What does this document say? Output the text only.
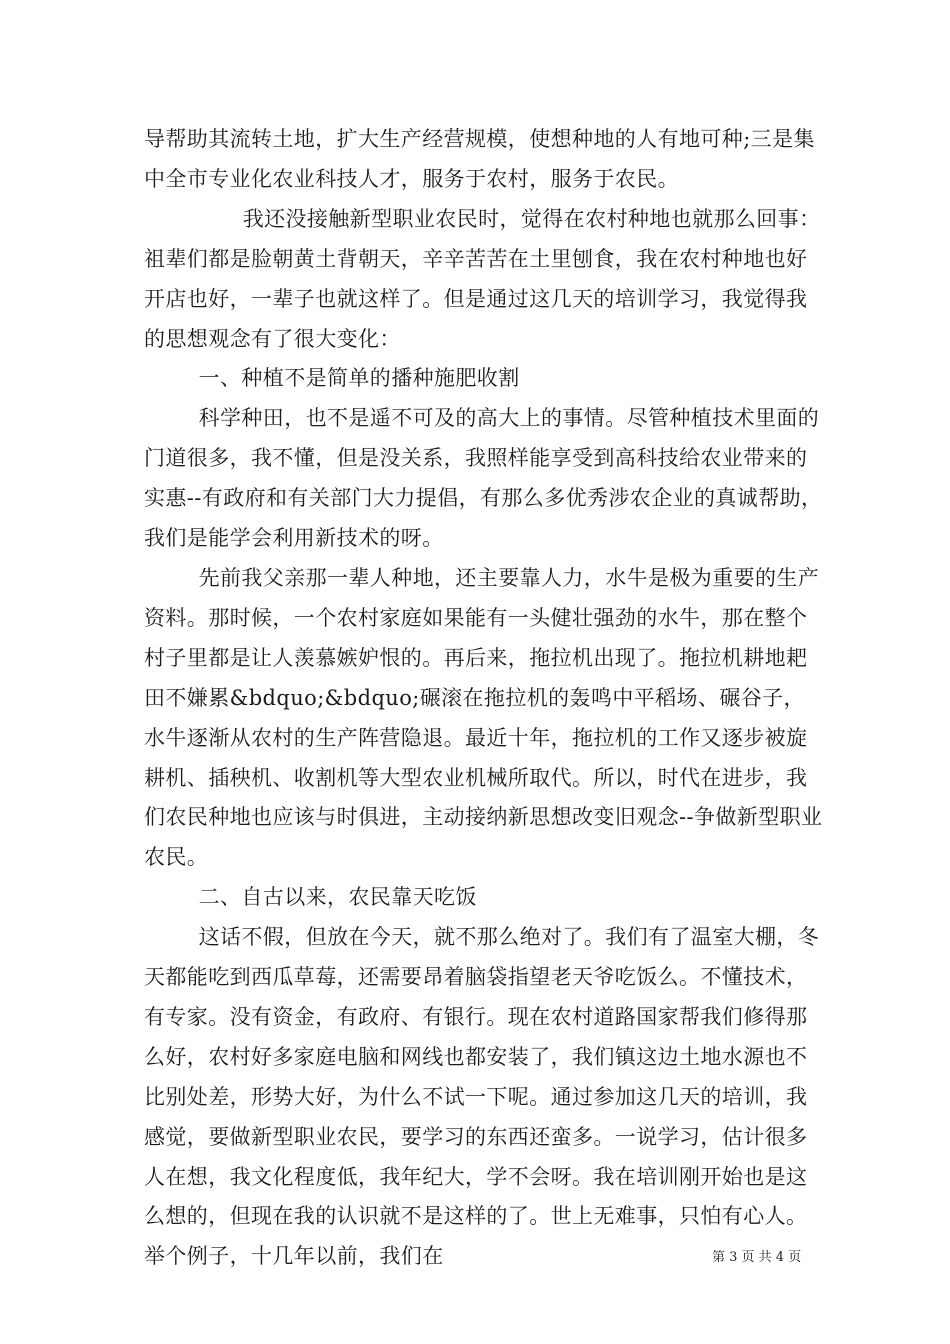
导帮助其流转土地，扩大生产经营规模，使想种地的人有地可种;三是集中全市专业化农业科技人才，服务于农村，服务于农民。

我还没接触新型职业农民时，觉得在农村种地也就那么回事：祖辈们都是脸朝黄土背朝天，辛辛苦苦在土里刨食，我在农村种地也好开店也好，一辈子也就这样了。但是通过这几天的培训学习，我觉得我的思想观念有了很大变化：

一、种植不是简单的播种施肥收割

科学种田，也不是遥不可及的高大上的事情。尽管种植技术里面的门道很多，我不懂，但是没关系，我照样能享受到高科技给农业带来的实惠--有政府和有关部门大力提倡，有那么多优秀涉农企业的真诚帮助，我们是能学会利用新技术的呀。

先前我父亲那一辈人种地，还主要靠人力，水牛是极为重要的生产资料。那时候，一个农村家庭如果能有一头健壮强劲的水牛，那在整个村子里都是让人羡慕嫉妒恨的。再后来，拖拉机出现了。拖拉机耕地耙田不嫌累&bdquo;&bdquo;碾滚在拖拉机的轰鸣中平稻场、碾谷子，水牛逐渐从农村的生产阵营隐退。最近十年，拖拉机的工作又逐步被旋耕机、插秧机、收割机等大型农业机械所取代。所以，时代在进步，我们农民种地也应该与时俱进，主动接纳新思想改变旧观念--争做新型职业农民。

二、自古以来，农民靠天吃饭

这话不假，但放在今天，就不那么绝对了。我们有了温室大棚，冬天都能吃到西瓜草莓，还需要昂着脑袋指望老天爷吃饭么。不懂技术，有专家。没有资金，有政府、有银行。现在农村道路国家帮我们修得那么好，农村好多家庭电脑和网线也都安装了，我们镇这边土地水源也不比别处差，形势大好，为什么不试一下呢。通过参加这几天的培训，我感觉，要做新型职业农民，要学习的东西还蛮多。一说学习，估计很多人在想，我文化程度低，我年纪大，学不会呀。我在培训刚开始也是这么想的，但现在我的认识就不是这样的了。世上无难事，只怕有心人。举个例子，十几年以前，我们在	第 3 页 共 4 页
